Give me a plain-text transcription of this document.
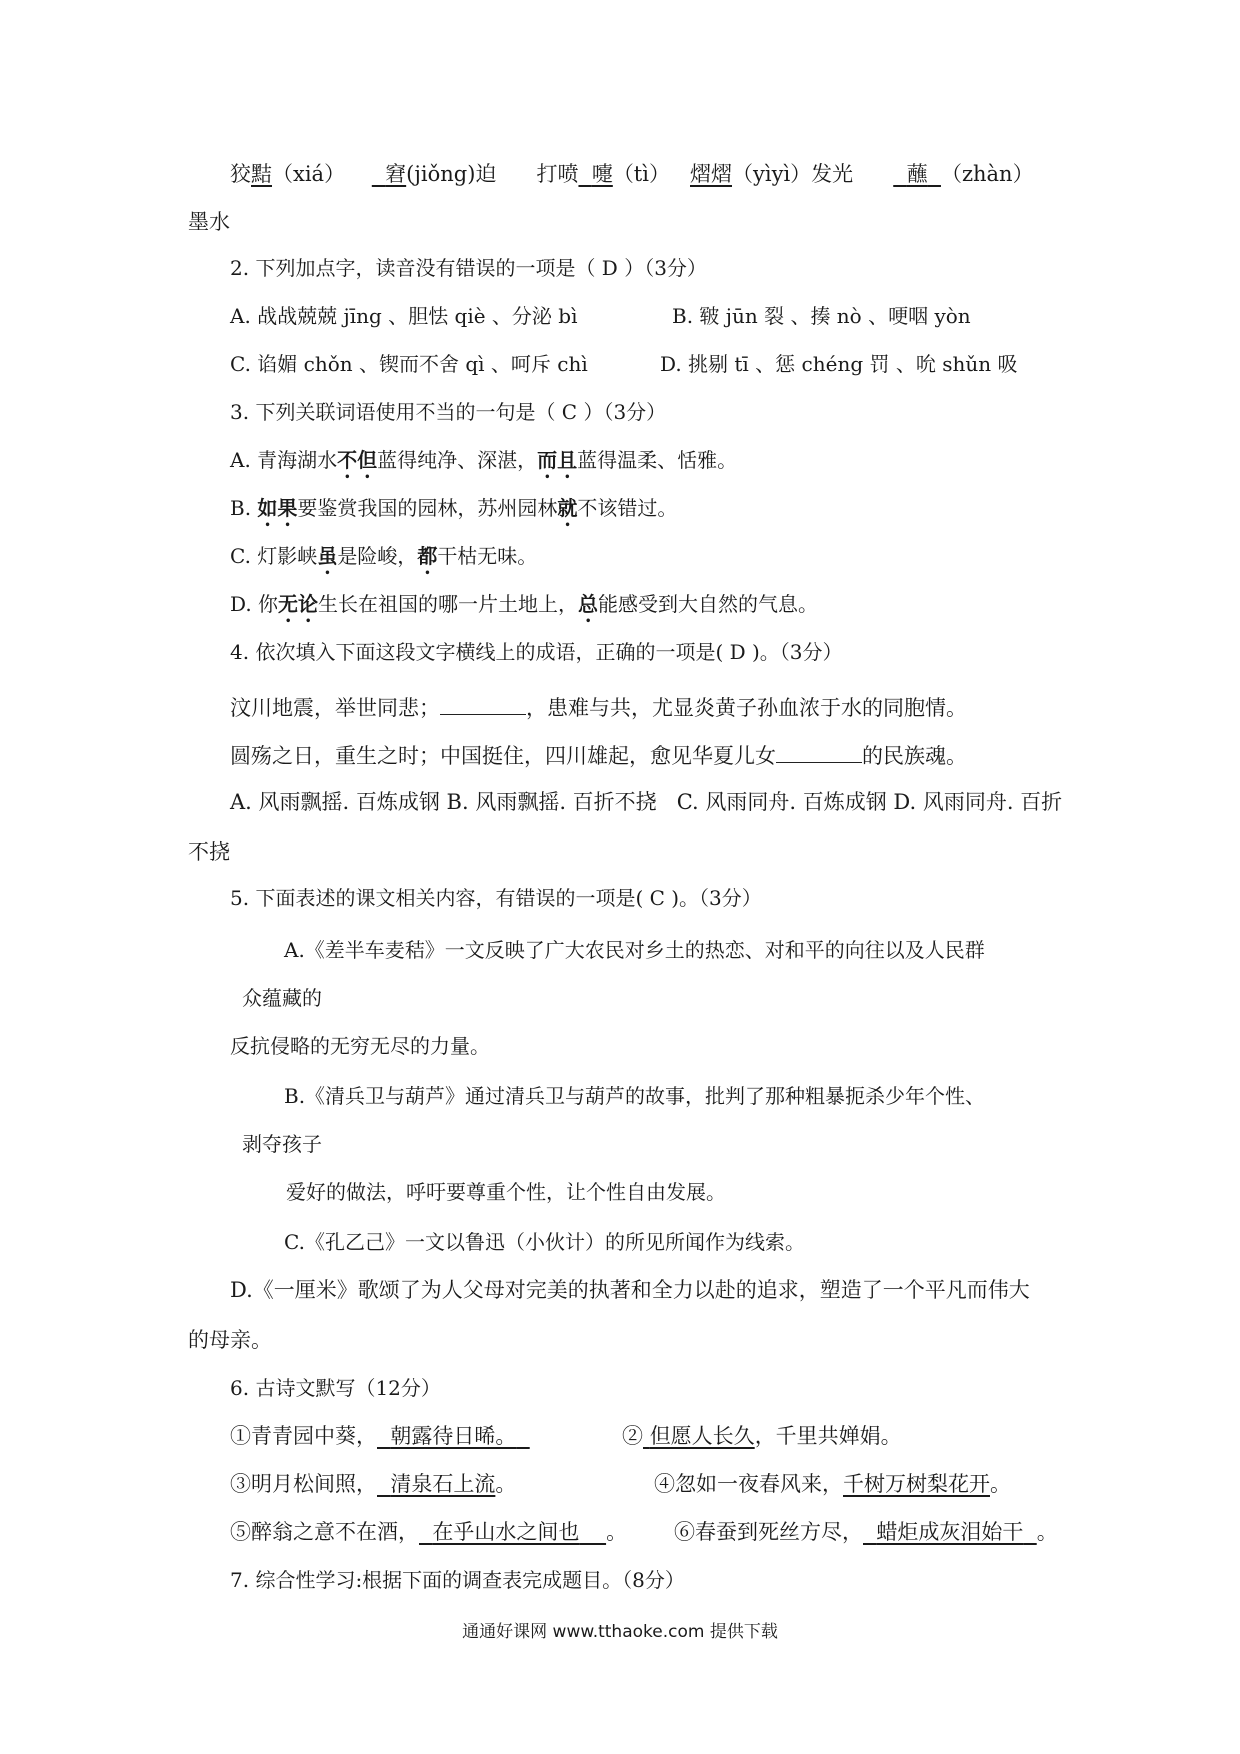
狡黠（xiá） 窘(jiǒng)迫 打喷 嚏（tì） 熠熠（yìyì）发光	蘸 （zhàn）
墨水
2. 下列加点字，读音没有错误的一项是（ D ）（3分）
A. 战战兢兢 jīng 、胆怯 qiè 、分泌 bì	B. 皲 jūn 裂 、揍 nò 、哽咽 yòn
C. 谄媚 chǒn 、锲而不舍 qì 、呵斥 chì	D. 挑剔 tī 、惩 chéng 罚 、吮 shǔn 吸
3. 下列关联词语使用不当的一句是（ C ）（3分）
A. 青海湖水不但蓝得纯净、深湛，而且蓝得温柔、恬雅。
B. 如果要鉴赏我国的园林，苏州园林就不该错过。
C. 灯影峡虽是险峻，都干枯无味。
D. 你无论生长在祖国的哪一片土地上，总能感受到大自然的气息。
4. 依次填入下面这段文字横线上的成语，正确的一项是( D )。（3分）
汶川地震，举世同悲；	，患难与共，尤显炎黄子孙血浓于水的同胞情。
圆殇之日，重生之时；中国挺住，四川雄起，愈见华夏儿女	的民族魂。
A. 风雨飘摇. 百炼成钢 B. 风雨飘摇. 百折不挠   C. 风雨同舟. 百炼成钢 D. 风雨同舟. 百折
不挠
5. 下面表述的课文相关内容，有错误的一项是( C )。（3分）
A.《差半车麦秸》一文反映了广大农民对乡土的热恋、对和平的向往以及人民群
众蕴藏的
反抗侵略的无穷无尽的力量。
B.《清兵卫与葫芦》通过清兵卫与葫芦的故事，批判了那种粗暴扼杀少年个性、
剥夺孩子
爱好的做法，呼吁要尊重个性，让个性自由发展。
C.《孔乙己》一文以鲁迅（小伙计）的所见所闻作为线索。
D.《一厘米》歌颂了为人父母对完美的执著和全力以赴的追求，塑造了一个平凡而伟大
的母亲。
6. 古诗文默写（12分）
①青青园中葵， 朝露待日晞。	② 但愿人长久，千里共婵娟。
③明月松间照， 清泉石上流。	④忽如一夜春风来，千树万树梨花开。
⑤醉翁之意不在酒， 在乎山水之间也 。 ⑥春蚕到死丝方尽， 蜡炬成灰泪始干 。
7. 综合性学习:根据下面的调查表完成题目。（8分）
通通好课网 www.tthaoke.com 提供下载
